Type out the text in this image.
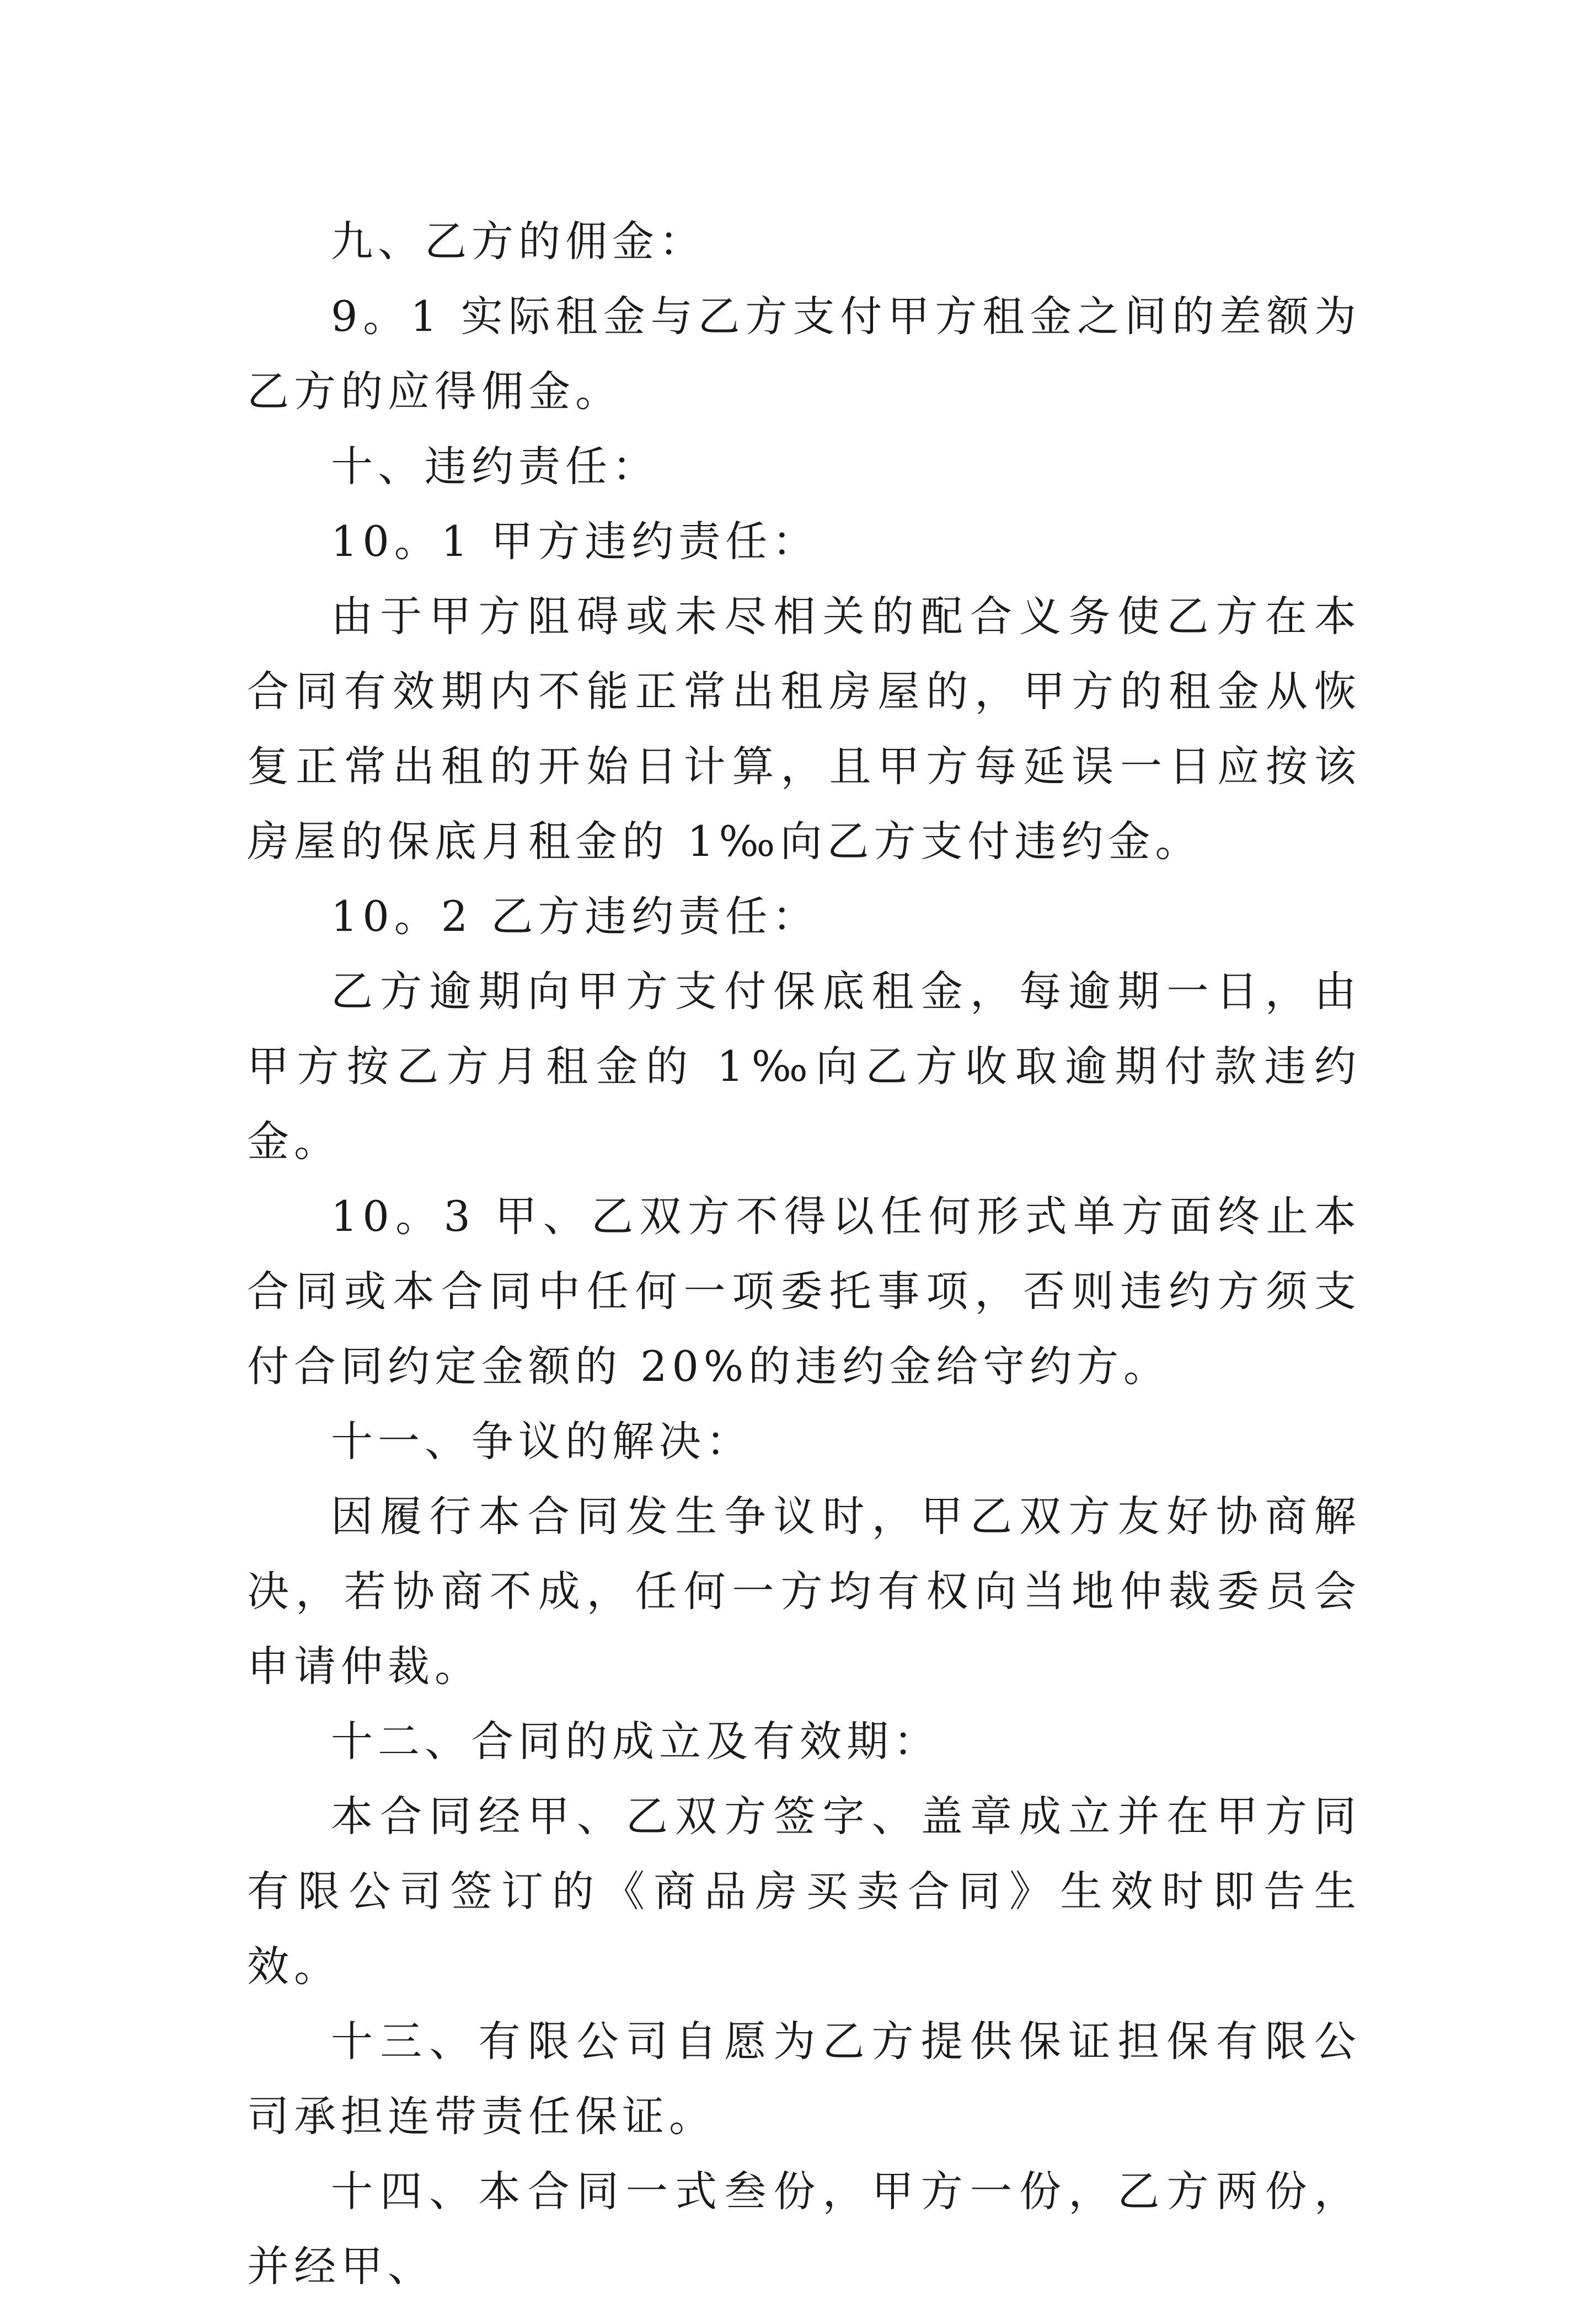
九、乙方的佣金：

9。1 实际租金与乙方支付甲方租金之间的差额为乙方的应得佣金。

十、违约责任：

10。1 甲方违约责任：

由于甲方阻碍或未尽相关的配合义务使乙方在本合同有效期内不能正常出租房屋的，甲方的租金从恢复正常出租的开始日计算，且甲方每延误一日应按该房屋的保底月租金的 1‰向乙方支付违约金。

10。2 乙方违约责任：

乙方逾期向甲方支付保底租金，每逾期一日，由甲方按乙方月租金的 1‰向乙方收取逾期付款违约金。

10。3 甲、乙双方不得以任何形式单方面终止本合同或本合同中任何一项委托事项，否则违约方须支付合同约定金额的 20%的违约金给守约方。

十一、争议的解决：

因履行本合同发生争议时，甲乙双方友好协商解决，若协商不成，任何一方均有权向当地仲裁委员会申请仲裁。

十二、合同的成立及有效期：

本合同经甲、乙双方签字、盖章成立并在甲方同有限公司签订的《商品房买卖合同》生效时即告生效。

十三、有限公司自愿为乙方提供保证担保有限公司承担连带责任保证。

十四、本合同一式叁份，甲方一份，乙方两份，并经甲、
